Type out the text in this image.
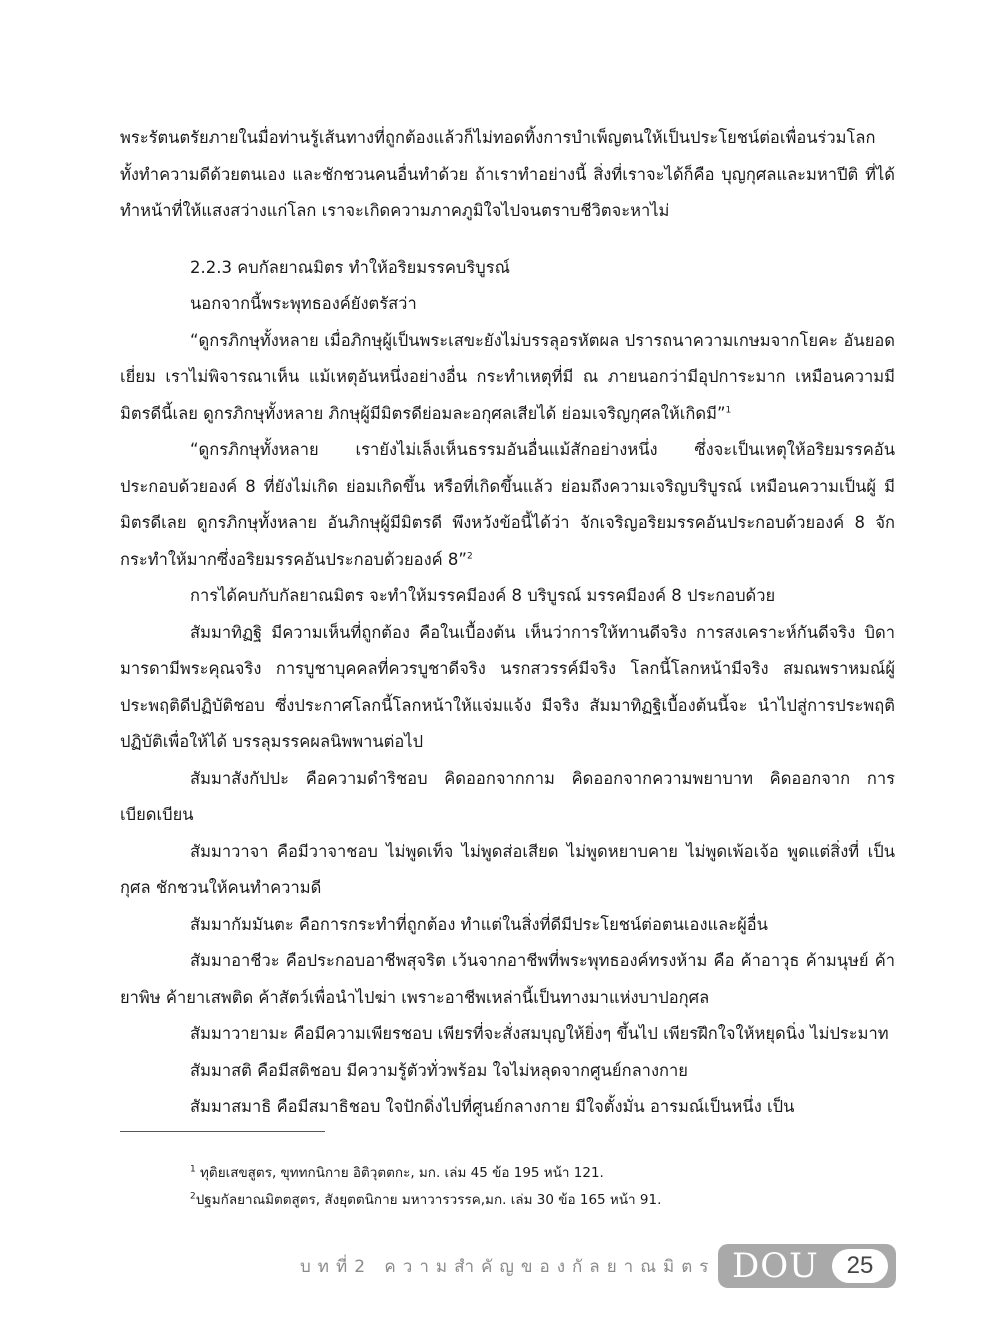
พระรัตนตรัยภายในมื่อท่านรู้เส้นทางที่ถูกต้องแล้วก็ไม่ทอดทิ้งการบำเพ็ญตนให้เป็นประโยชน์ต่อเพื่อนร่วมโลก ทั้งทำความดีด้วยตนเอง และชักชวนคนอื่นทำด้วย ถ้าเราทำอย่างนี้ สิ่งที่เราจะได้ก็คือ บุญกุศลและมหาปีติ ที่ได้ทำหน้าที่ให้แสงสว่างแก่โลก เราจะเกิดความภาคภูมิใจไปจนตราบชีวิตจะหาไม่

2.2.3 คบกัลยาณมิตร ทำให้อริยมรรคบริบูรณ์

นอกจากนี้พระพุทธองค์ยังตรัสว่า

“ดูกรภิกษุทั้งหลาย เมื่อภิกษุผู้เป็นพระเสขะยังไม่บรรลุอรหัตผล ปรารถนาความเกษมจากโยคะ อันยอดเยี่ยม เราไม่พิจารณาเห็น แม้เหตุอันหนึ่งอย่างอื่น กระทำเหตุที่มี ณ ภายนอกว่ามีอุปการะมาก เหมือนความมีมิตรดีนี้เลย ดูกรภิกษุทั้งหลาย ภิกษุผู้มีมิตรดีย่อมละอกุศลเสียได้ ย่อมเจริญกุศลให้เกิดมี”$^1$

“ดูกรภิกษุทั้งหลาย เรายังไม่เล็งเห็นธรรมอันอื่นแม้สักอย่างหนึ่ง ซึ่งจะเป็นเหตุให้อริยมรรคอัน ประกอบด้วยองค์ 8 ที่ยังไม่เกิด ย่อมเกิดขึ้น หรือที่เกิดขึ้นแล้ว ย่อมถึงความเจริญบริบูรณ์ เหมือนความเป็นผู้ มีมิตรดีเลย ดูกรภิกษุทั้งหลาย อันภิกษุผู้มีมิตรดี พึงหวังข้อนี้ได้ว่า จักเจริญอริยมรรคอันประกอบด้วยองค์ 8 จักกระทำให้มากซึ่งอริยมรรคอันประกอบด้วยองค์ 8”$^2$

การได้คบกับกัลยาณมิตร จะทำให้มรรคมีองค์ 8 บริบูรณ์ มรรคมีองค์ 8 ประกอบด้วย

สัมมาทิฏฐิ มีความเห็นที่ถูกต้อง คือในเบื้องต้น เห็นว่าการให้ทานดีจริง การสงเคราะห์กันดีจริง บิดามารดามีพระคุณจริง การบูชาบุคคลที่ควรบูชาดีจริง นรกสวรรค์มีจริง โลกนี้โลกหน้ามีจริง สมณพราหมณ์ผู้ประพฤติดีปฏิบัติชอบ ซึ่งประกาศโลกนี้โลกหน้าให้แจ่มแจ้ง มีจริง สัมมาทิฏฐิเบื้องต้นนี้จะ นำไปสู่การประพฤติปฏิบัติเพื่อให้ได้ บรรลุมรรคผลนิพพานต่อไป

สัมมาสังกัปปะ คือความดำริชอบ คิดออกจากกาม คิดออกจากความพยาบาท คิดออกจาก การเบียดเบียน

สัมมาวาจา คือมีวาจาชอบ ไม่พูดเท็จ ไม่พูดส่อเสียด ไม่พูดหยาบคาย ไม่พูดเพ้อเจ้อ พูดแต่สิ่งที่ เป็นกุศล ชักชวนให้คนทำความดี

สัมมากัมมันตะ คือการกระทำที่ถูกต้อง ทำแต่ในสิ่งที่ดีมีประโยชน์ต่อตนเองและผู้อื่น

สัมมาอาชีวะ คือประกอบอาชีพสุจริต เว้นจากอาชีพที่พระพุทธองค์ทรงห้าม คือ ค้าอาวุธ ค้ามนุษย์ ค้ายาพิษ ค้ายาเสพติด ค้าสัตว์เพื่อนำไปฆ่า เพราะอาชีพเหล่านี้เป็นทางมาแห่งบาปอกุศล

สัมมาวายามะ คือมีความเพียรชอบ เพียรที่จะสั่งสมบุญให้ยิ่งๆ ขึ้นไป เพียรฝึกใจให้หยุดนิ่ง ไม่ประมาท

สัมมาสติ คือมีสติชอบ มีความรู้ตัวทั่วพร้อม ใจไม่หลุดจากศูนย์กลางกาย

สัมมาสมาธิ คือมีสมาธิชอบ ใจปักดิ่งไปที่ศูนย์กลางกาย มีใจตั้งมั่น อารมณ์เป็นหนึ่ง เป็น

$^1$ ทุติยเสขสูตร, ขุททกนิกาย อิติวุตตกะ, มก. เล่ม 45 ข้อ 195 หน้า 121.

$^2$ปฐมกัลยาณมิตตสูตร, สังยุตตนิกาย มหาวารวรรค,มก. เล่ม 30 ข้อ 165 หน้า 91.

บทที่2 ความสำคัญของกัลยาณมิตร DOU	25
